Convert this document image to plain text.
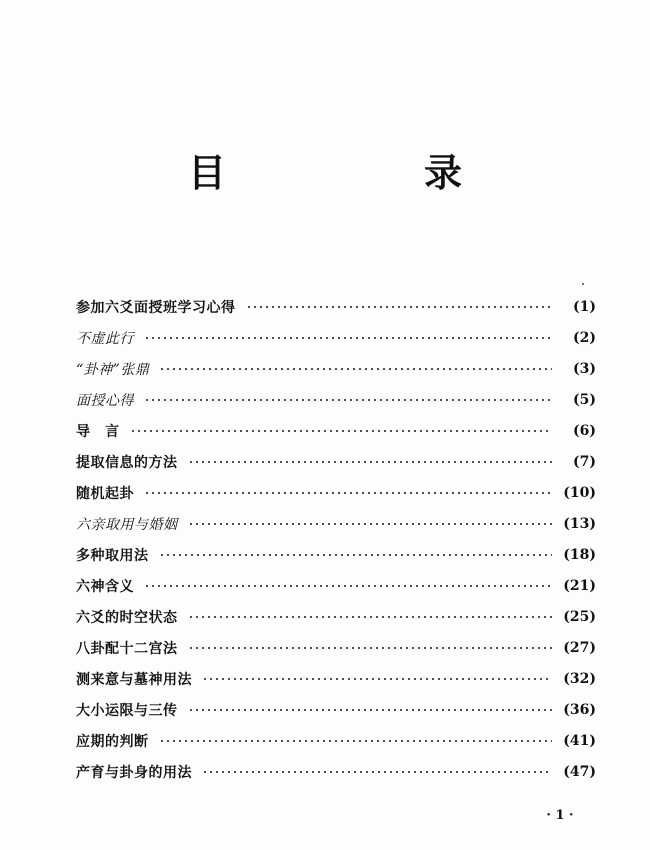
目　录
参加六爻面授班学习心得	(1)
不虚此行	(2)
“卦神”张鼎	(3)
面授心得	(5)
导　言	(6)
提取信息的方法	(7)
随机起卦	(10)
六亲取用与婚姻	(13)
多种取用法	(18)
六神含义	(21)
六爻的时空状态	(25)
八卦配十二宫法	(27)
测来意与墓神用法	(32)
大小运限与三传	(36)
应期的判断	(41)
产育与卦身的用法	(47)
· 1 ·
